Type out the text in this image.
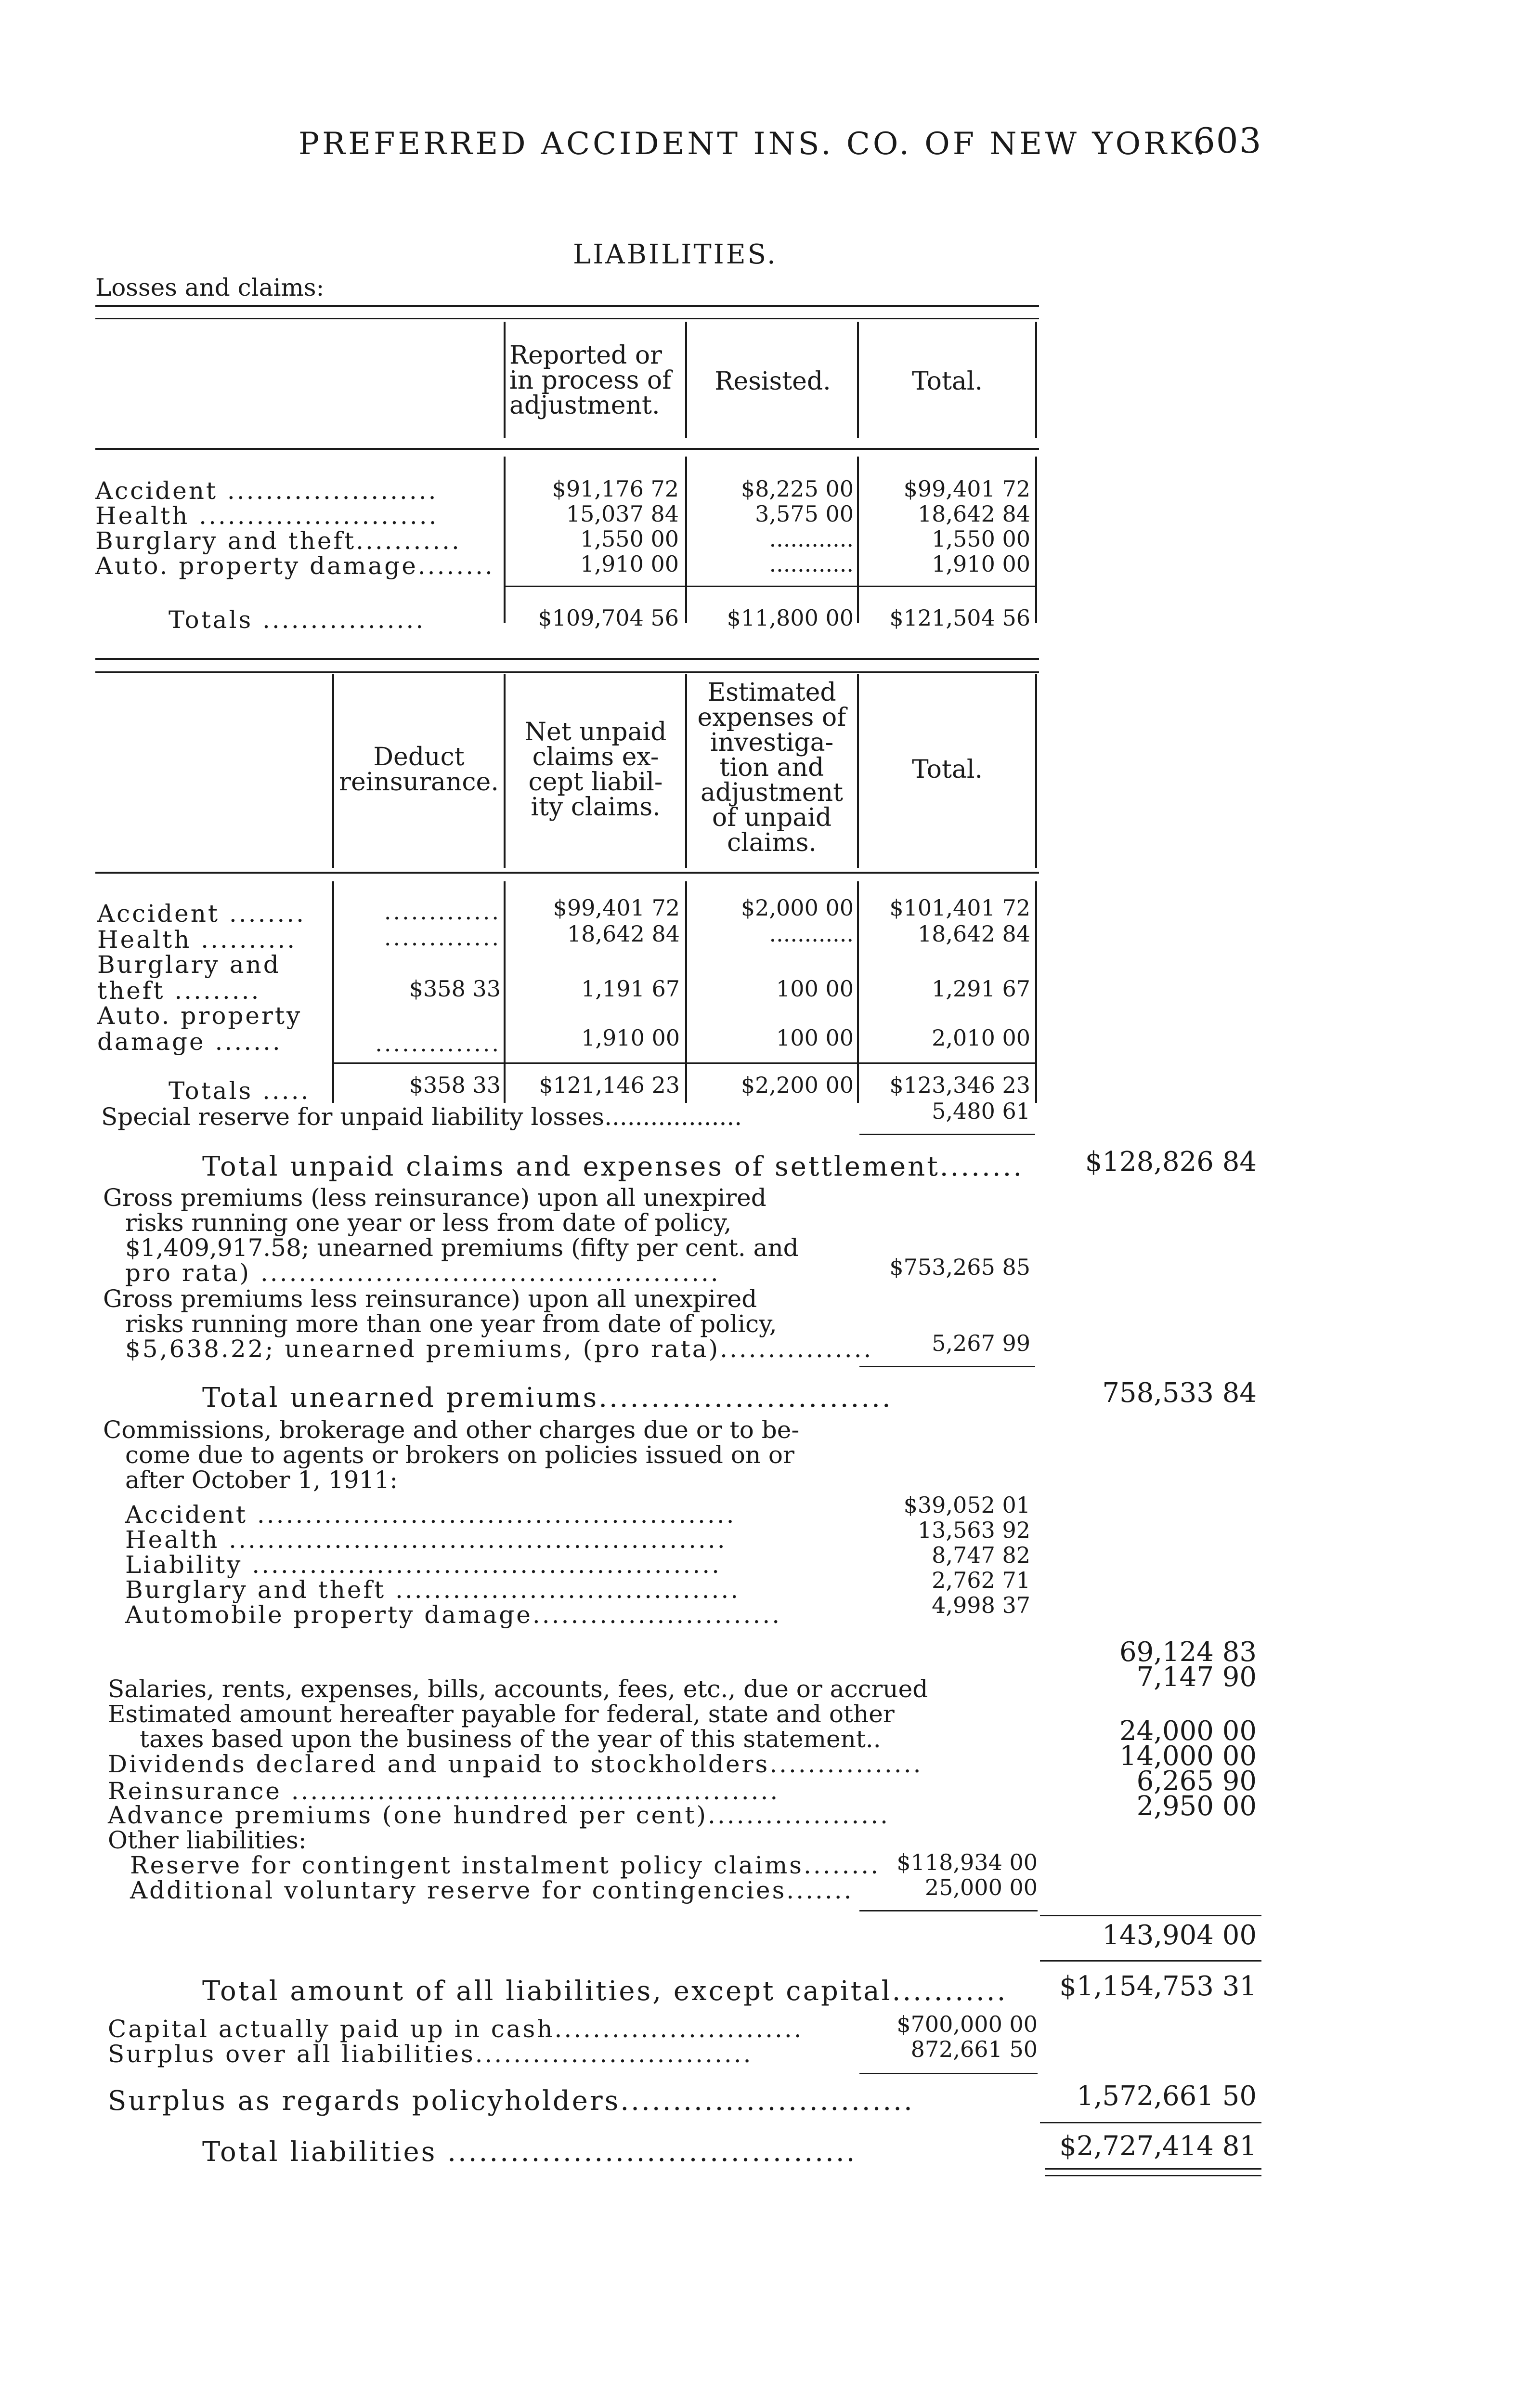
PREFERRED ACCIDENT INS. CO. OF NEW YORK.
603
LIABILITIES.
Losses and claims:
Reported or
in process of
adjustment.
Resisted.	Total.
Accident ......................	$91,176 72	$8,225 00	$99,401 72
Health .........................	15,037 84	3,575 00	18,642 84
Burglary and theft...........	1,550 00	............	1,550 00
Auto. property damage........	1,910 00	............	1,910 00
Totals .................	$109,704 56	$11,800 00	$121,504 56
Deduct
reinsurance.
Net unpaid
claims ex-
cept liabil-
ity claims.
Estimated
expenses of
investiga-
tion and
adjustment
of unpaid
claims.
Total.
Accident ........	.............	$99,401 72	$2,000 00	$101,401 72
Health ..........	.............	18,642 84	............	18,642 84
Burglary and
theft .........	$358 33	1,191 67	100 00	1,291 67
Auto. property
damage .......	..............	1,910 00	100 00	2,010 00
Totals .....	$358 33	$121,146 23	$2,200 00	$123,346 23
Special reserve for unpaid liability losses..................	5,480 61
Total unpaid claims and expenses of settlement........	$128,826 84
Gross premiums (less reinsurance) upon all unexpired
risks running one year or less from date of policy,
$1,409,917.58; unearned premiums (fifty per cent. and
pro rata) ................................................	$753,265 85
Gross premiums less reinsurance) upon all unexpired
risks running more than one year from date of policy,
$5,638.22; unearned premiums, (pro rata)................	5,267 99
Total unearned premiums............................	758,533 84
Commissions, brokerage and other charges due or to be-
come due to agents or brokers on policies issued on or
after October 1, 1911:
Accident ..................................................	$39,052 01
Health ....................................................	13,563 92
Liability .................................................	8,747 82
Burglary and theft ....................................	2,762 71
Automobile property damage..........................	4,998 37
69,124 83
Salaries, rents, expenses, bills, accounts, fees, etc., due or accrued	7,147 90
Estimated amount hereafter payable for federal, state and other
taxes based upon the business of the year of this statement..	24,000 00
Dividends declared and unpaid to stockholders................	14,000 00
Reinsurance ...................................................	6,265 90
Advance premiums (one hundred per cent)...................	2,950 00
Other liabilities:
Reserve for contingent instalment policy claims........ $118,934 00
Additional voluntary reserve for contingencies.......	25,000 00
143,904 00
Total amount of all liabilities, except capital...........	$1,154,753 31
Capital actually paid up in cash..........................	$700,000 00
Surplus over all liabilities.............................	872,661 50
Surplus as regards policyholders............................	1,572,661 50
Total liabilities .......................................	$2,727,414 81
